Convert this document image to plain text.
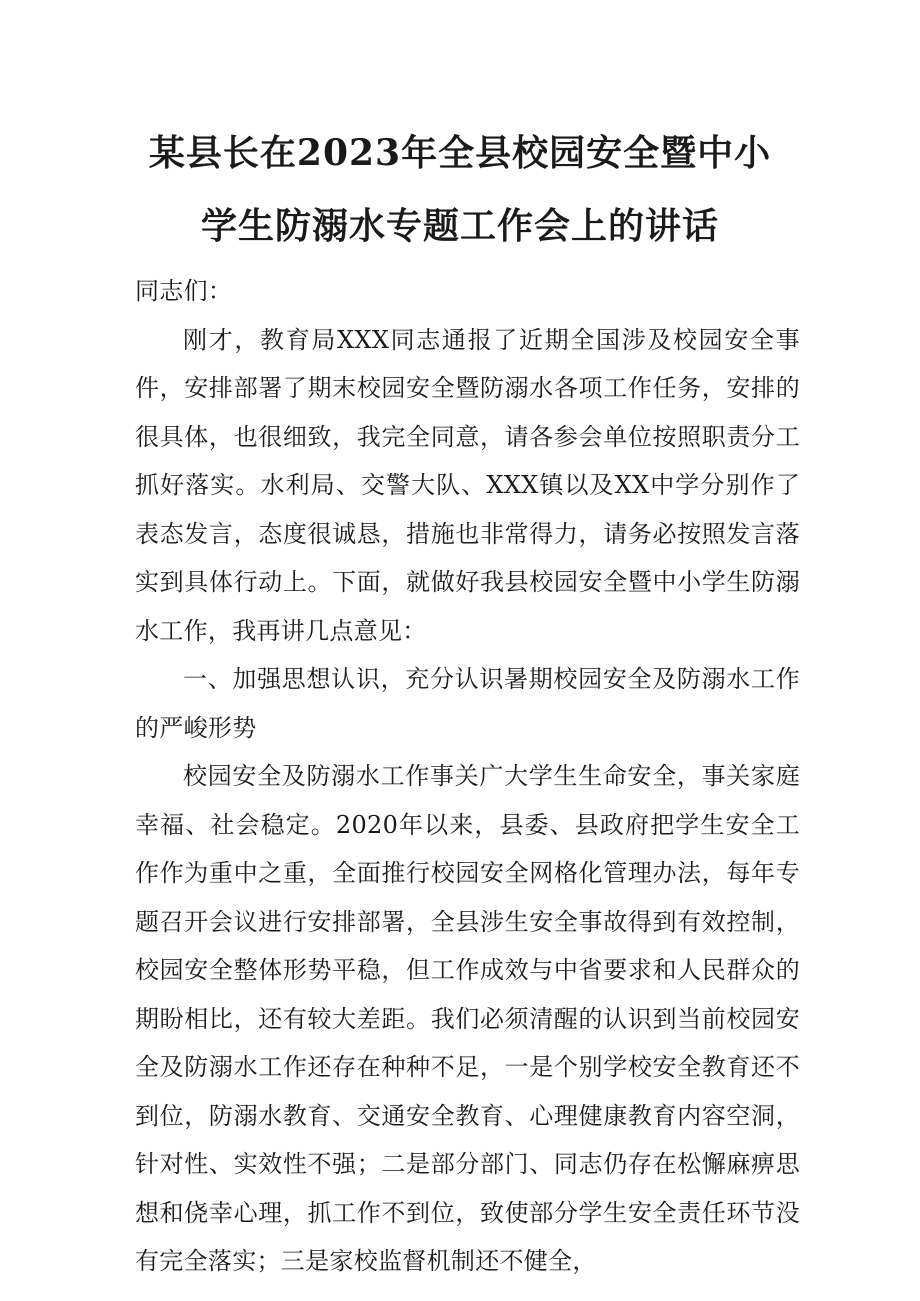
某县长在2023年全县校园安全暨中小
学生防溺水专题工作会上的讲话

同志们：

刚才，教育局XXX同志通报了近期全国涉及校园安全事件，安排部署了期末校园安全暨防溺水各项工作任务，安排的很具体，也很细致，我完全同意，请各参会单位按照职责分工抓好落实。水利局、交警大队、XXX镇以及XX中学分别作了表态发言，态度很诚恳，措施也非常得力，请务必按照发言落实到具体行动上。下面，就做好我县校园安全暨中小学生防溺水工作，我再讲几点意见：

一、加强思想认识，充分认识暑期校园安全及防溺水工作的严峻形势

校园安全及防溺水工作事关广大学生生命安全，事关家庭幸福、社会稳定。2020年以来，县委、县政府把学生安全工作作为重中之重，全面推行校园安全网格化管理办法，每年专题召开会议进行安排部署，全县涉生安全事故得到有效控制，校园安全整体形势平稳，但工作成效与中省要求和人民群众的期盼相比，还有较大差距。我们必须清醒的认识到当前校园安全及防溺水工作还存在种种不足，一是个别学校安全教育还不到位，防溺水教育、交通安全教育、心理健康教育内容空洞，针对性、实效性不强；二是部分部门、同志仍存在松懈麻痹思想和侥幸心理，抓工作不到位，致使部分学生安全责任环节没有完全落实；三是家校监督机制还不健全，
